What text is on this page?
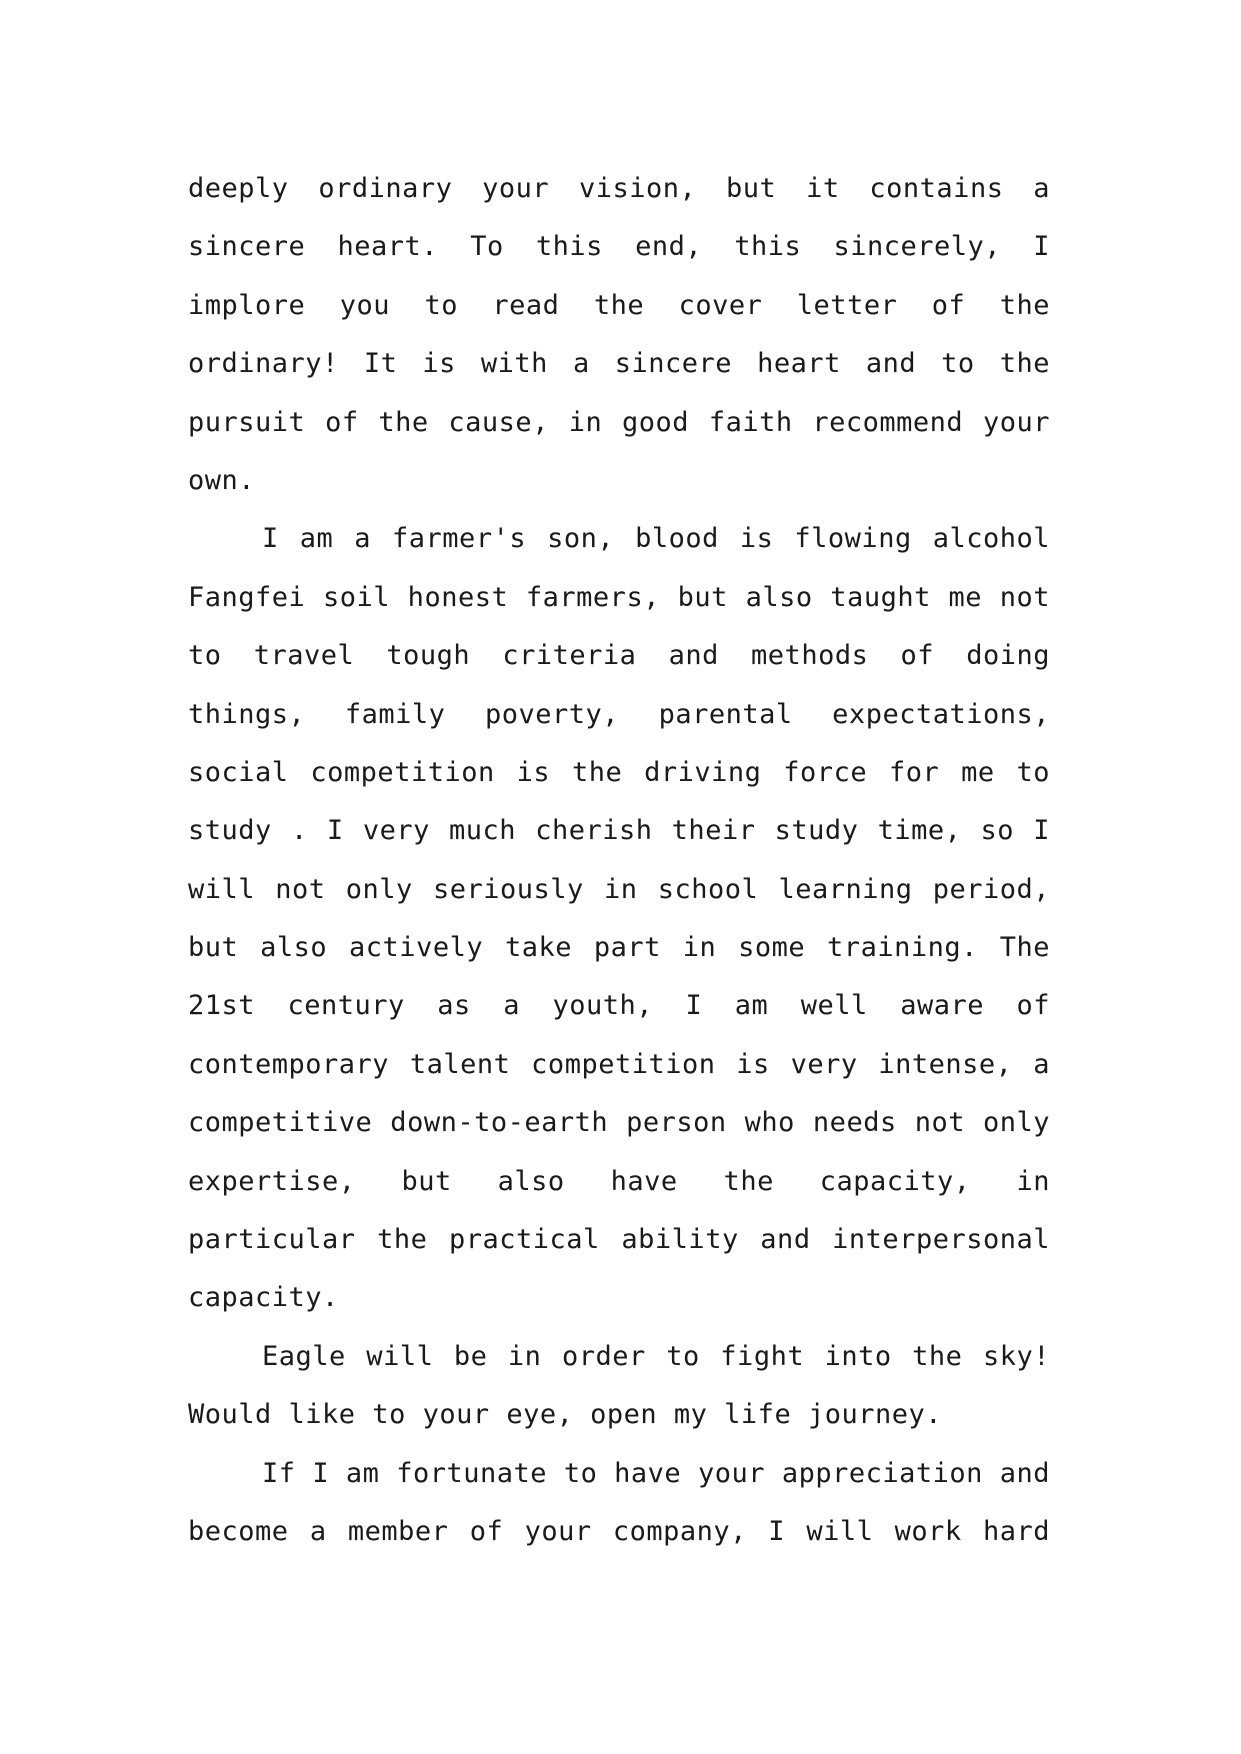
deeply ordinary your vision, but it contains a
sincere heart. To this end, this sincerely, I
implore you to read the cover letter of the
ordinary! It is with a sincere heart and to the
pursuit of the cause, in good faith recommend your
own.
I am a farmer's son, blood is flowing alcohol
Fangfei soil honest farmers, but also taught me not
to travel tough criteria and methods of doing
things, family poverty, parental expectations,
social competition is the driving force for me to
study . I very much cherish their study time, so I
will not only seriously in school learning period,
but also actively take part in some training. The
21st century as a youth, I am well aware of
contemporary talent competition is very intense, a
competitive down-to-earth person who needs not only
expertise, but also have the capacity, in
particular the practical ability and interpersonal
capacity.
Eagle will be in order to fight into the sky!
Would like to your eye, open my life journey.
If I am fortunate to have your appreciation and
become a member of your company, I will work hard
